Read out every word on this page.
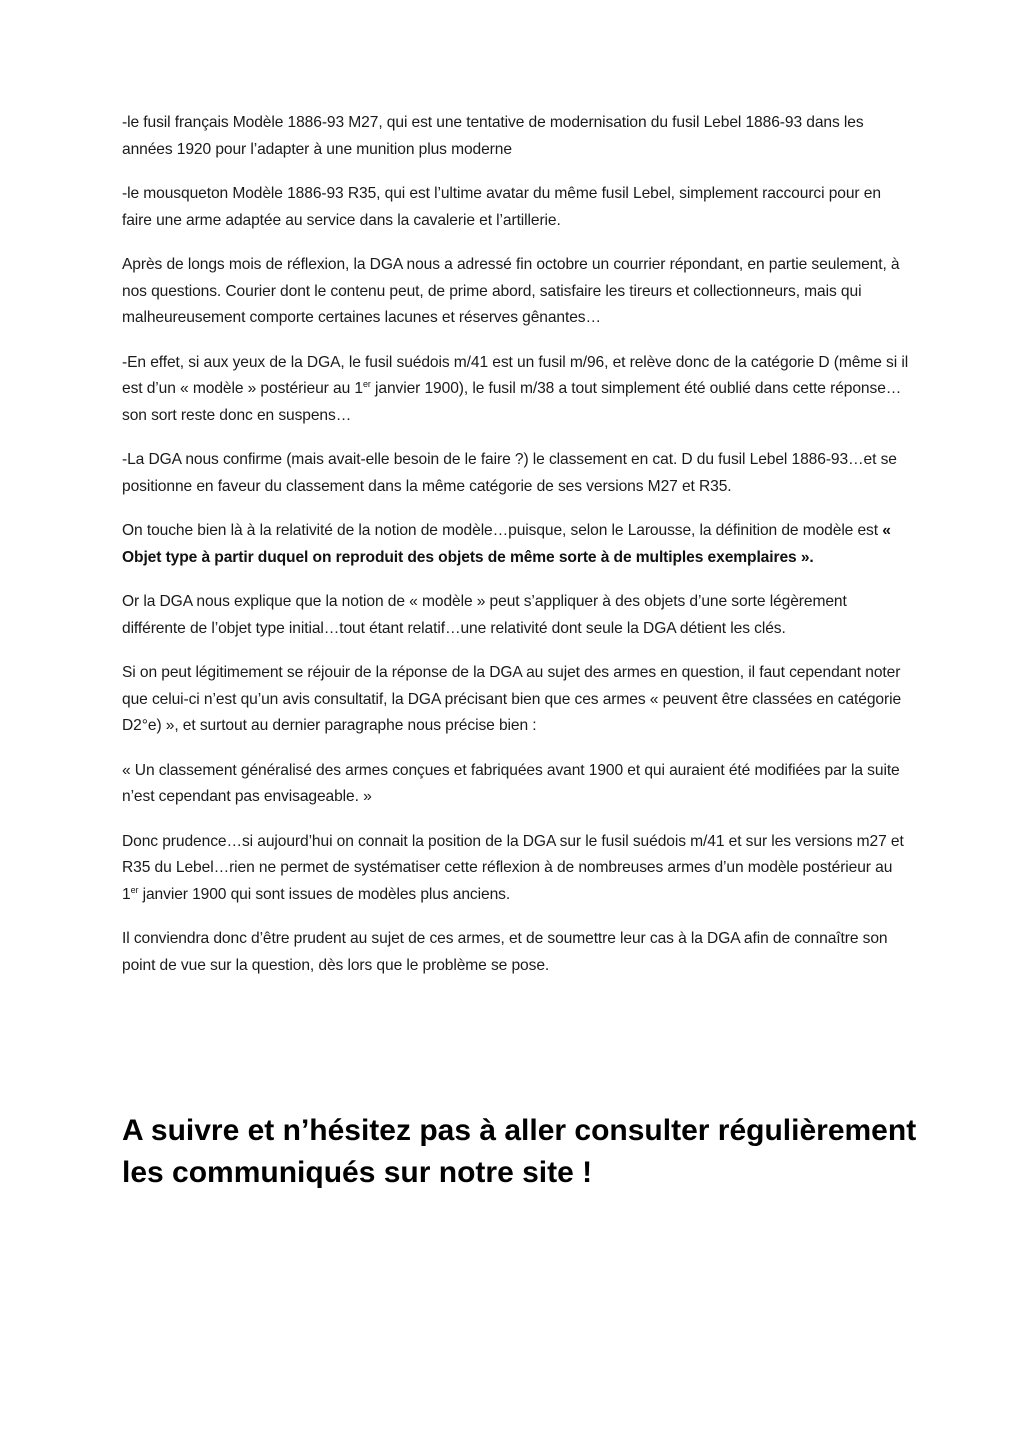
-le fusil français Modèle 1886-93 M27, qui est une tentative de modernisation du fusil Lebel 1886-93 dans les années 1920 pour l’adapter à une munition plus moderne

-le mousqueton Modèle 1886-93 R35, qui est l’ultime avatar du même fusil Lebel, simplement raccourci pour en faire une arme adaptée au service dans la cavalerie et l’artillerie.

Après de longs mois de réflexion, la DGA nous a adressé fin octobre un courrier répondant, en partie seulement, à nos questions. Courier dont le contenu peut, de prime abord, satisfaire les tireurs et collectionneurs, mais qui malheureusement comporte certaines lacunes et réserves gênantes…

-En effet, si aux yeux de la DGA, le fusil suédois m/41 est un fusil m/96, et relève donc de la catégorie D (même si il est d’un « modèle » postérieur au 1er janvier 1900), le fusil m/38 a tout simplement été oublié dans cette réponse…son sort reste donc en suspens…

-La DGA nous confirme (mais avait-elle besoin de le faire ?) le classement en cat. D du fusil Lebel 1886-93…et se positionne en faveur du classement dans la même catégorie de ses versions M27 et R35.

On touche bien là à la relativité de la notion de modèle…puisque, selon le Larousse, la définition de modèle est « Objet type à partir duquel on reproduit des objets de même sorte à de multiples exemplaires ».

Or la DGA nous explique que la notion de « modèle » peut s’appliquer à des objets d’une sorte légèrement différente de l’objet type initial…tout étant relatif…une relativité dont seule la DGA détient les clés.

Si on peut légitimement se réjouir de la réponse de la DGA au sujet des armes en question, il faut cependant noter que celui-ci n’est qu’un avis consultatif, la DGA précisant bien que ces armes « peuvent être classées en catégorie D2°e) », et surtout au dernier paragraphe nous précise bien :

« Un classement généralisé des armes conçues et fabriquées avant 1900 et qui auraient été modifiées par la suite n’est cependant pas envisageable. »

Donc prudence…si aujourd’hui on connait la position de la DGA sur le fusil suédois m/41 et sur les versions m27 et R35 du Lebel…rien ne permet de systématiser cette réflexion à de nombreuses armes d’un modèle postérieur au 1er janvier 1900 qui sont issues de modèles plus anciens.

Il conviendra donc d’être prudent au sujet de ces armes, et de soumettre leur cas à la DGA afin de connaître son point de vue sur la question, dès lors que le problème se pose.

A suivre et n’hésitez pas à aller consulter régulièrement les communiqués sur notre site !
